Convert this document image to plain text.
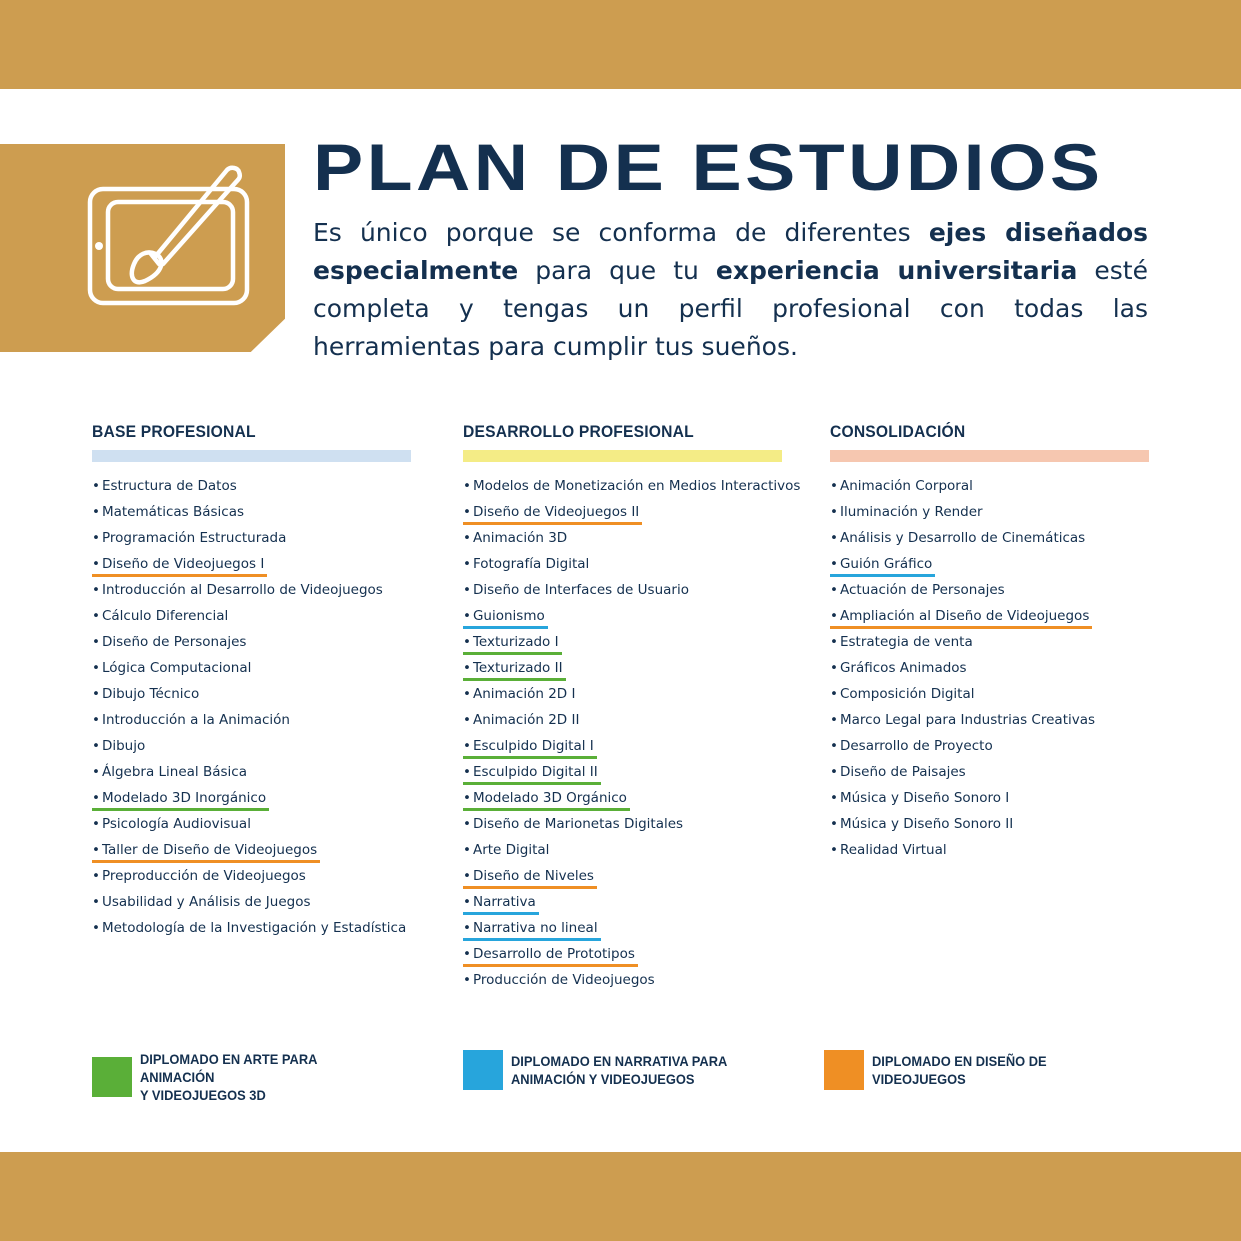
PLAN DE ESTUDIOS

Es único porque se conforma de diferentes ejes diseñados especialmente para que tu experiencia universitaria esté completa y tengas un perfil profesional con todas las herramientas para cumplir tus sueños.

BASE PROFESIONAL
• Estructura de Datos
• Matemáticas Básicas
• Programación Estructurada
• Diseño de Videojuegos I
• Introducción al Desarrollo de Videojuegos
• Cálculo Diferencial
• Diseño de Personajes
• Lógica Computacional
• Dibujo Técnico
• Introducción a la Animación
• Dibujo
• Álgebra Lineal Básica
• Modelado 3D Inorgánico
• Psicología Audiovisual
• Taller de Diseño de Videojuegos
• Preproducción de Videojuegos
• Usabilidad y Análisis de Juegos
• Metodología de la Investigación y Estadística
DESARROLLO PROFESIONAL
• Modelos de Monetización en Medios Interactivos
• Diseño de Videojuegos II
• Animación 3D
• Fotografía Digital
• Diseño de Interfaces de Usuario
• Guionismo
• Texturizado I
• Texturizado II
• Animación 2D I
• Animación 2D II
• Esculpido Digital I
• Esculpido Digital II
• Modelado 3D Orgánico
• Diseño de Marionetas Digitales
• Arte Digital
• Diseño de Niveles
• Narrativa
• Narrativa no lineal
• Desarrollo de Prototipos
• Producción de Videojuegos
CONSOLIDACIÓN
• Animación Corporal
• Iluminación y Render
• Análisis y Desarrollo de Cinemáticas
• Guión Gráfico
• Actuación de Personajes
• Ampliación al Diseño de Videojuegos
• Estrategia de venta
• Gráficos Animados
• Composición Digital
• Marco Legal para Industrias Creativas
• Desarrollo de Proyecto
• Diseño de Paisajes
• Música y Diseño Sonoro I
• Música y Diseño Sonoro II
• Realidad Virtual
DIPLOMADO EN ARTE PARA ANIMACIÓN
Y VIDEOJUEGOS 3D
DIPLOMADO EN NARRATIVA PARA
ANIMACIÓN Y VIDEOJUEGOS
DIPLOMADO EN DISEÑO DE VIDEOJUEGOS
